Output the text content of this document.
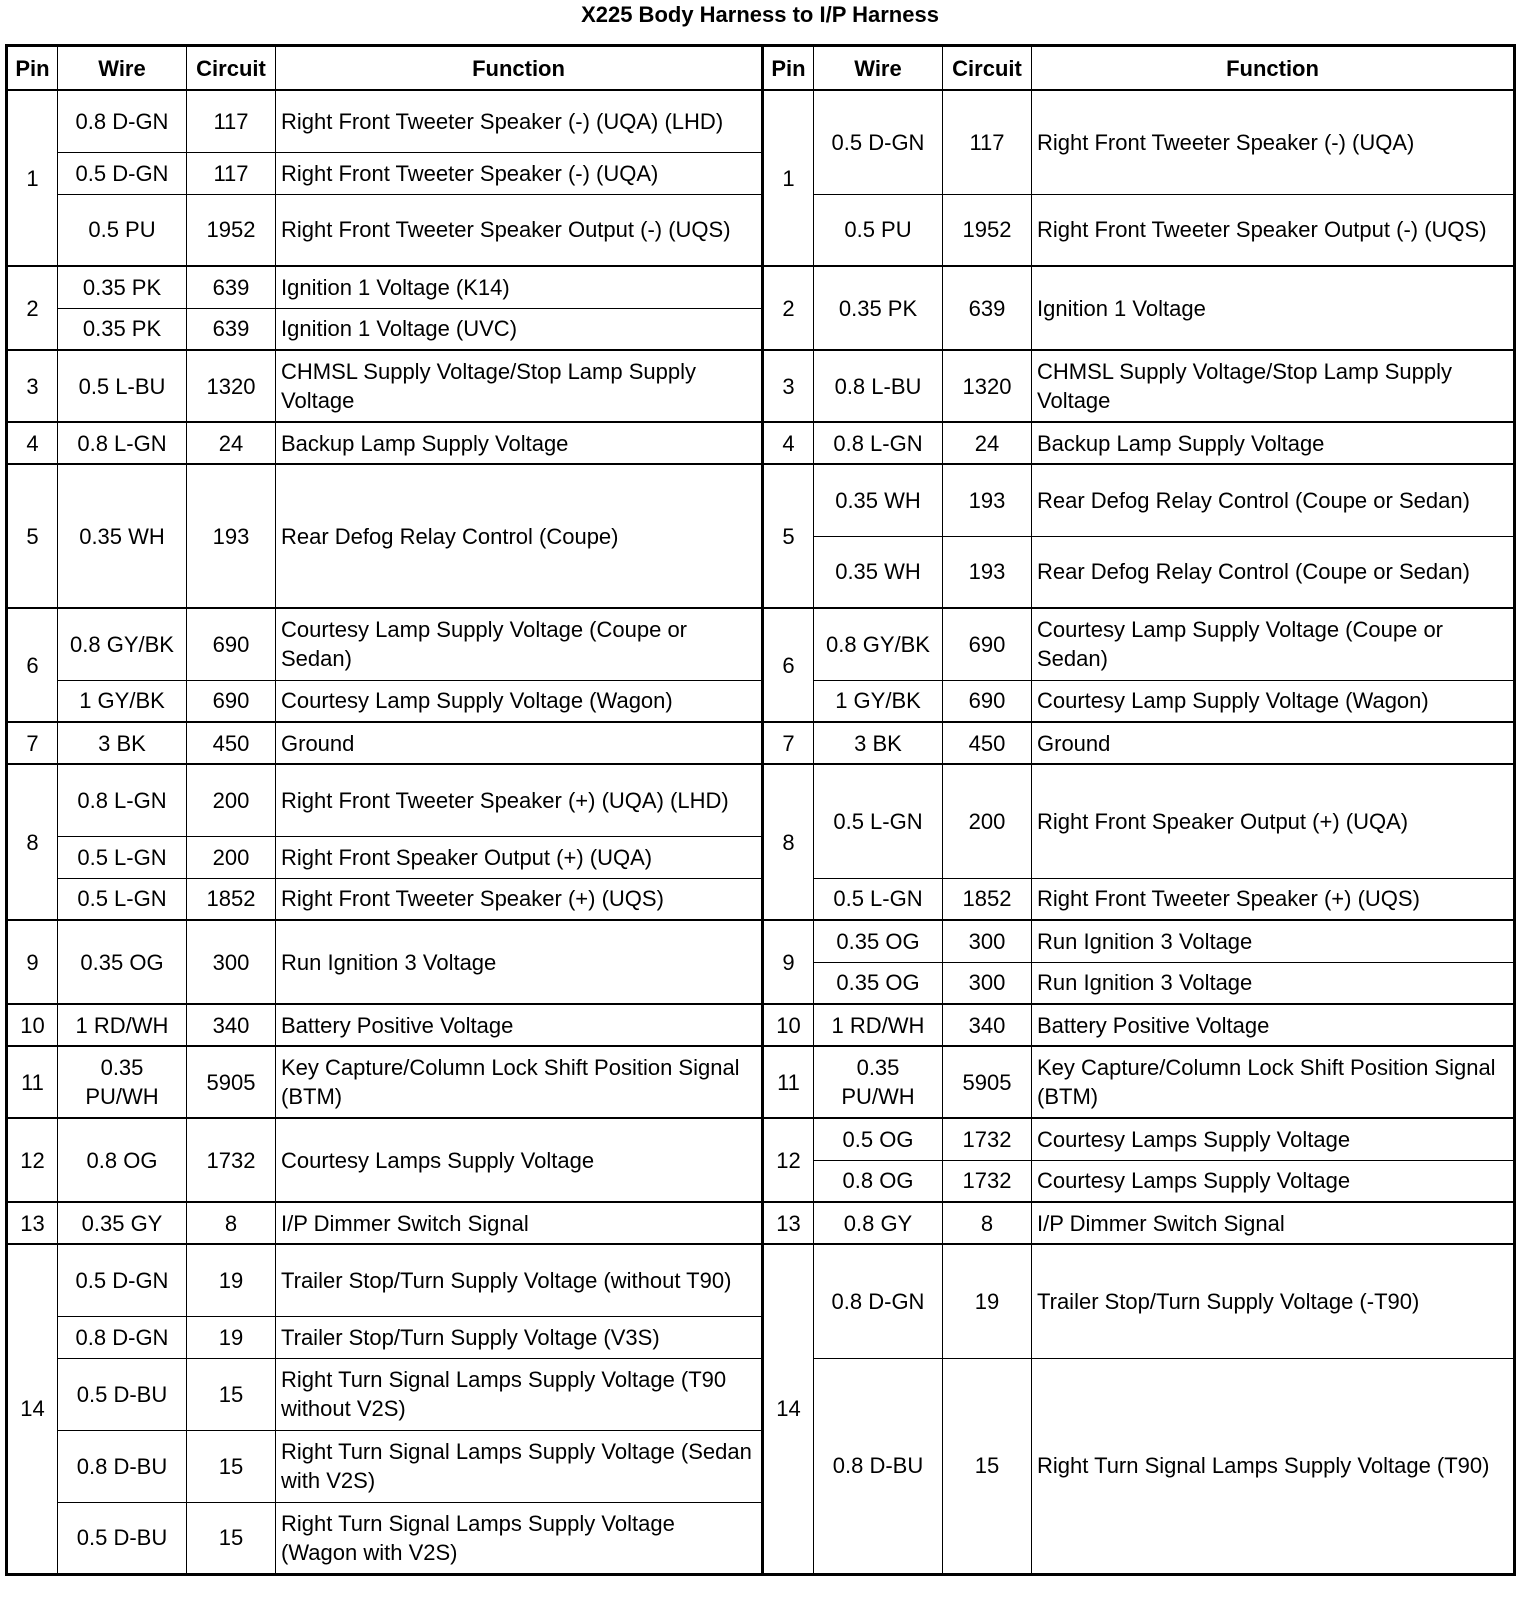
X225 Body Harness to I/P Harness
Pin	Wire	Circuit	Function	Pin	Wire	Circuit	Function
1	0.8 D-GN	117	Right Front Tweeter Speaker (-) (UQA) (LHD)	1	0.5 D-GN	117	Right Front Tweeter Speaker (-) (UQA)
	0.5 D-GN	117	Right Front Tweeter Speaker (-) (UQA)				
	0.5 PU	1952	Right Front Tweeter Speaker Output (-) (UQS)		0.5 PU	1952	Right Front Tweeter Speaker Output (-) (UQS)
2	0.35 PK	639	Ignition 1 Voltage (K14)	2	0.35 PK	639	Ignition 1 Voltage
	0.35 PK	639	Ignition 1 Voltage (UVC)				
3	0.5 L-BU	1320	CHMSL Supply Voltage/Stop Lamp Supply Voltage	3	0.8 L-BU	1320	CHMSL Supply Voltage/Stop Lamp Supply Voltage
4	0.8 L-GN	24	Backup Lamp Supply Voltage	4	0.8 L-GN	24	Backup Lamp Supply Voltage
5	0.35 WH	193	Rear Defog Relay Control (Coupe)	5	0.35 WH	193	Rear Defog Relay Control (Coupe or Sedan)
					0.35 WH	193	Rear Defog Relay Control (Coupe or Sedan)
6	0.8 GY/BK	690	Courtesy Lamp Supply Voltage (Coupe or Sedan)	6	0.8 GY/BK	690	Courtesy Lamp Supply Voltage (Coupe or Sedan)
	1 GY/BK	690	Courtesy Lamp Supply Voltage (Wagon)		1 GY/BK	690	Courtesy Lamp Supply Voltage (Wagon)
7	3 BK	450	Ground	7	3 BK	450	Ground
8	0.8 L-GN	200	Right Front Tweeter Speaker (+) (UQA) (LHD)	8	0.5 L-GN	200	Right Front Speaker Output (+) (UQA)
	0.5 L-GN	200	Right Front Speaker Output (+) (UQA)				
	0.5 L-GN	1852	Right Front Tweeter Speaker (+) (UQS)		0.5 L-GN	1852	Right Front Tweeter Speaker (+) (UQS)
9	0.35 OG	300	Run Ignition 3 Voltage	9	0.35 OG	300	Run Ignition 3 Voltage
					0.35 OG	300	Run Ignition 3 Voltage
10	1 RD/WH	340	Battery Positive Voltage	10	1 RD/WH	340	Battery Positive Voltage
11	0.35 PU/WH	5905	Key Capture/Column Lock Shift Position Signal (BTM)	11	0.35 PU/WH	5905	Key Capture/Column Lock Shift Position Signal (BTM)
12	0.8 OG	1732	Courtesy Lamps Supply Voltage	12	0.5 OG	1732	Courtesy Lamps Supply Voltage
					0.8 OG	1732	Courtesy Lamps Supply Voltage
13	0.35 GY	8	I/P Dimmer Switch Signal	13	0.8 GY	8	I/P Dimmer Switch Signal
14	0.5 D-GN	19	Trailer Stop/Turn Supply Voltage (without T90)	14	0.8 D-GN	19	Trailer Stop/Turn Supply Voltage (-T90)
	0.8 D-GN	19	Trailer Stop/Turn Supply Voltage (V3S)				
	0.5 D-BU	15	Right Turn Signal Lamps Supply Voltage (T90 without V2S)		0.8 D-BU	15	Right Turn Signal Lamps Supply Voltage (T90)
	0.8 D-BU	15	Right Turn Signal Lamps Supply Voltage (Sedan with V2S)				
	0.5 D-BU	15	Right Turn Signal Lamps Supply Voltage (Wagon with V2S)				
